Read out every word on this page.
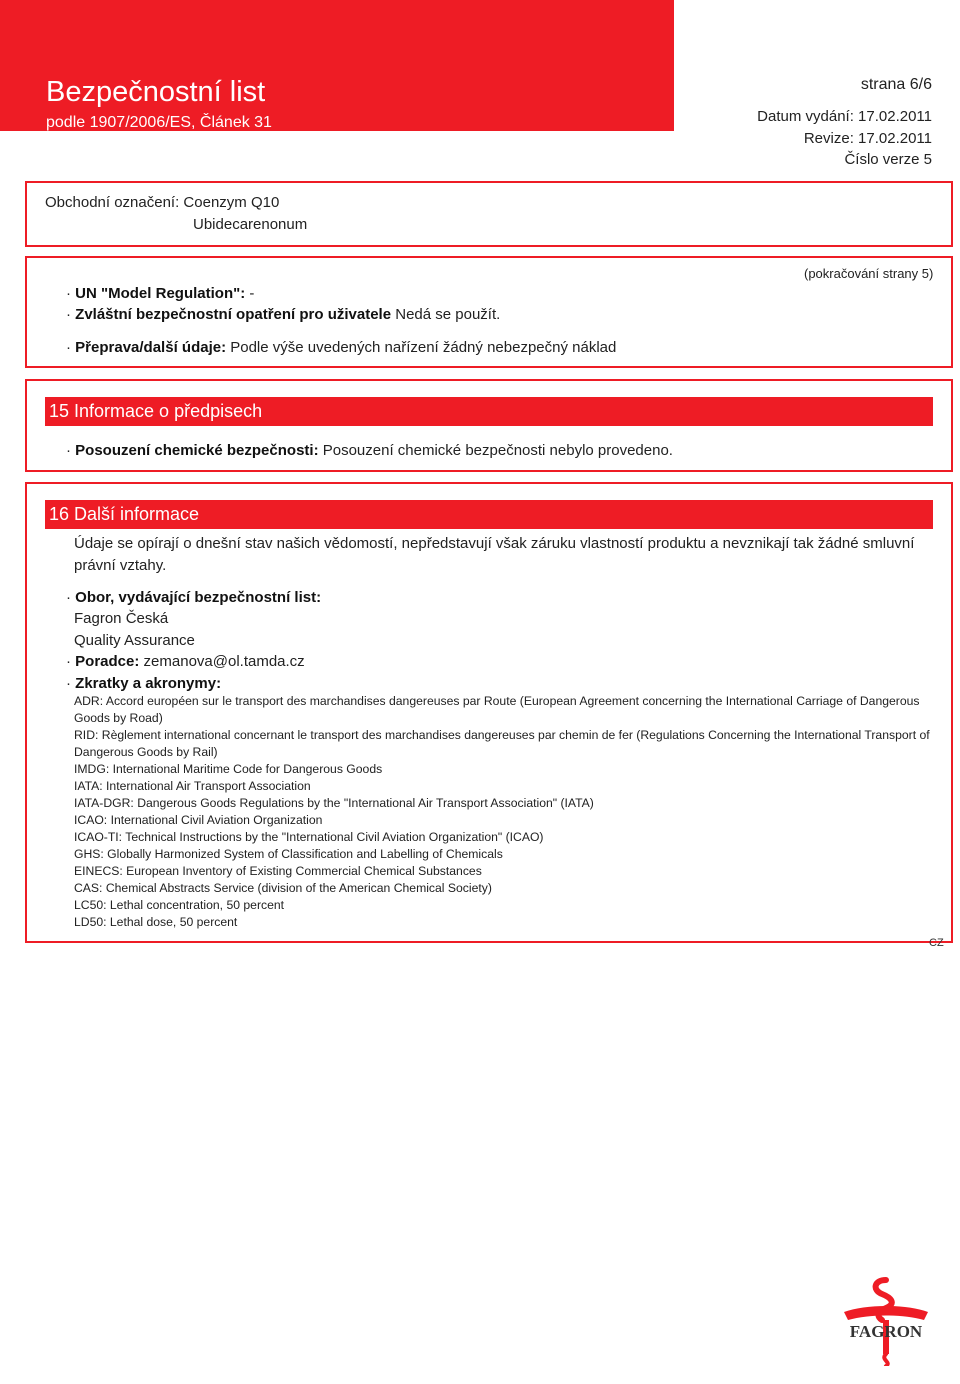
Bezpečnostní list
podle 1907/2006/ES, Článek 31
strana 6/6
Datum vydání: 17.02.2011
Revize: 17.02.2011
Číslo verze 5
Obchodní označení: Coenzym Q10
Ubidecarenonum
(pokračování strany 5)
· UN "Model Regulation": -
· Zvláštní bezpečnostní opatření pro uživatele Nedá se použít.
· Přeprava/další údaje: Podle výše uvedených nařízení žádný nebezpečný náklad
15 Informace o předpisech
· Posouzení chemické bezpečnosti: Posouzení chemické bezpečnosti nebylo provedeno.
16 Další informace
Údaje se opírají o dnešní stav našich vědomostí, nepředstavují však záruku vlastností produktu a nevznikají tak žádné smluvní právní vztahy.
· Obor, vydávající bezpečnostní list:
Fagron Česká
Quality Assurance
· Poradce: zemanova@ol.tamda.cz
· Zkratky a akronymy:
ADR: Accord européen sur le transport des marchandises dangereuses par Route (European Agreement concerning the International Carriage of Dangerous Goods by Road)
RID: Règlement international concernant le transport des marchandises dangereuses par chemin de fer (Regulations Concerning the International Transport of Dangerous Goods by Rail)
IMDG: International Maritime Code for Dangerous Goods
IATA: International Air Transport Association
IATA-DGR: Dangerous Goods Regulations by the "International Air Transport Association" (IATA)
ICAO: International Civil Aviation Organization
ICAO-TI: Technical Instructions by the "International Civil Aviation Organization" (ICAO)
GHS: Globally Harmonized System of Classification and Labelling of Chemicals
EINECS: European Inventory of Existing Commercial Chemical Substances
CAS: Chemical Abstracts Service (division of the American Chemical Society)
LC50: Lethal concentration, 50 percent
LD50: Lethal dose, 50 percent
CZ
FAGRON
